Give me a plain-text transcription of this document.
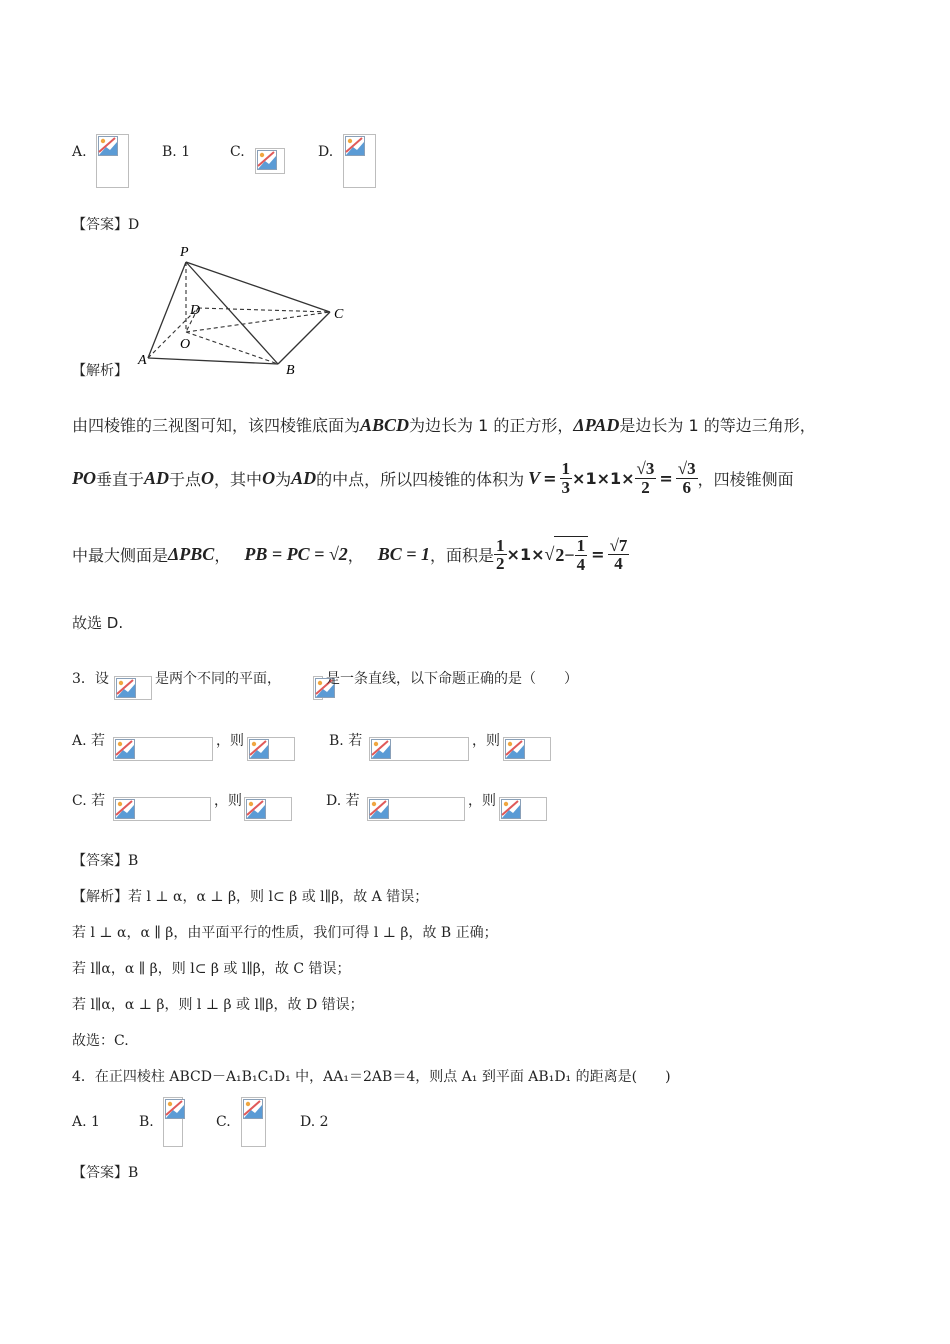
A.	B. 1	C.	D.
【答案】D
P
C
D
O
A
B
【解析】
由四棱锥的三视图可知，该四棱锥底面为ABCD为边长为 1 的正方形，ΔPAD是边长为 1 的等边三角形，
PO 垂直于 AD 于点 O ，其中 O 为 AD 的中点，所以四棱锥的体积为 $V = \frac{1}{3} \times 1\times 1\times \frac{√3}{2} = \frac{√3}{6}$ ，四棱锥侧面
中最大侧面是 ΔPBC ， PB = PC = √2 ， BC = 1 ，面积是 $\frac{1}{2} \times 1\times$ √ $2- \frac{1}{4} = \frac{√7}{4}$
故选 D.
3．设	是两个不同的平面，	是一条直线，以下命题正确的是（　　）
A. 若	，则	B. 若	，则
C. 若	，则	D. 若	，则
【答案】B
【解析】若 l ⊥ α，α ⊥ β，则 l⊂ β 或 l∥β，故 A 错误；
若 l ⊥ α，α ∥ β，由平面平行的性质，我们可得 l ⊥ β，故 B 正确；
若 l∥α，α ∥ β，则 l⊂ β 或 l∥β，故 C 错误；
若 l∥α，α ⊥ β，则 l ⊥ β 或 l∥β，故 D 错误；
故选：C.
4．在正四棱柱 ABCD－A₁B₁C₁D₁ 中，AA₁＝2AB＝4，则点 A₁ 到平面 AB₁D₁ 的距离是(　　)
A. 1	B.	C.	D. 2
【答案】B
